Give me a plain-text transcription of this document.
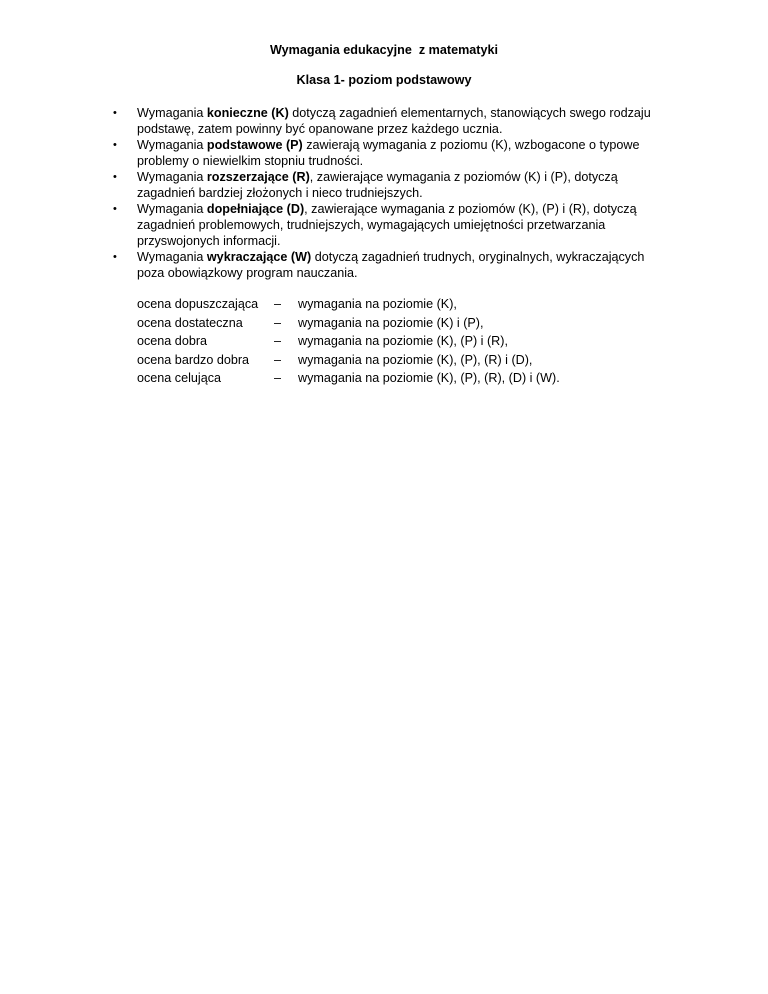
Wymagania edukacyjne  z matematyki
Klasa 1- poziom podstawowy
•	Wymagania konieczne (K) dotyczą zagadnień elementarnych, stanowiących swego rodzaju podstawę, zatem powinny być opanowane przez każdego ucznia.
•	Wymagania podstawowe (P) zawierają wymagania z poziomu (K), wzbogacone o typowe problemy o niewielkim stopniu trudności.
•	Wymagania rozszerzające (R), zawierające wymagania z poziomów (K) i (P), dotyczą zagadnień bardziej złożonych i nieco trudniejszych.
•	Wymagania dopełniające (D), zawierające wymagania z poziomów (K), (P) i (R), dotyczą zagadnień problemowych, trudniejszych, wymagających umiejętności przetwarzania przyswojonych informacji.
•	Wymagania wykraczające (W) dotyczą zagadnień trudnych, oryginalnych, wykraczających poza obowiązkowy program nauczania.
ocena dopuszczająca	–	wymagania na poziomie (K),
ocena dostateczna	–	wymagania na poziomie (K) i (P),
ocena dobra	–	wymagania na poziomie (K), (P) i (R),
ocena bardzo dobra	–	wymagania na poziomie (K), (P), (R) i (D),
ocena celująca	–	wymagania na poziomie (K), (P), (R), (D) i (W).
